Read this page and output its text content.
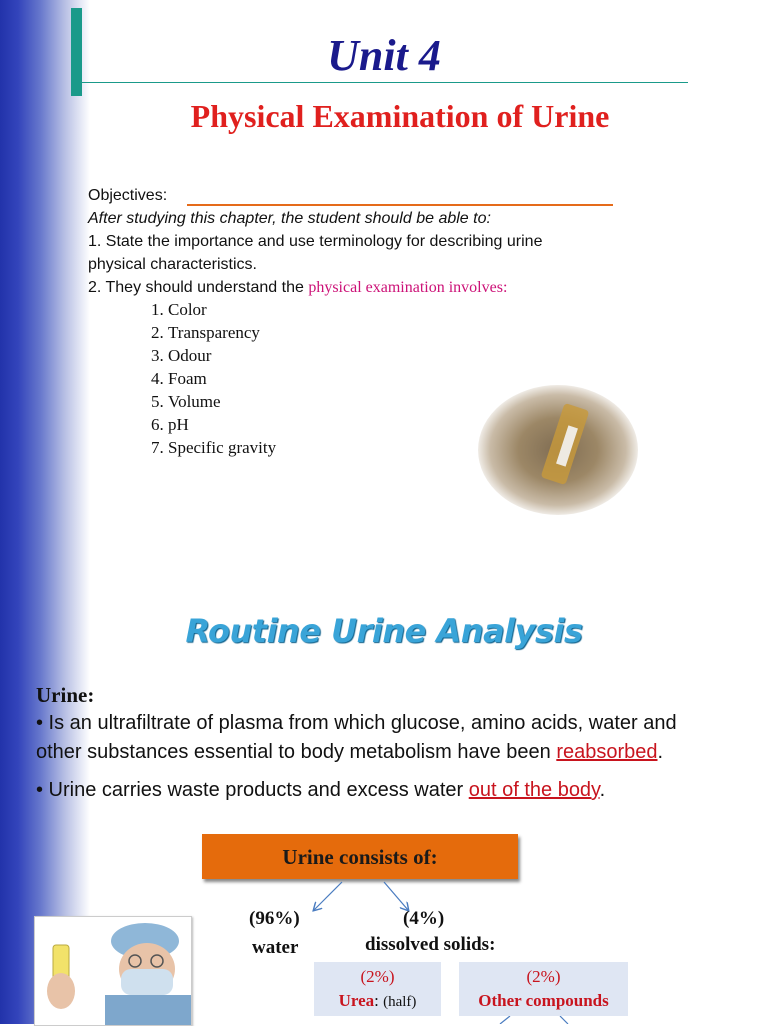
Unit 4
Physical Examination of Urine
Objectives:
After studying this chapter, the student should be able to:
1. State the importance and use terminology for describing urine
physical characteristics.
2. They should understand the physical examination involves:
1. Color
2. Transparency
3. Odour
4. Foam
5. Volume
6. pH
7. Specific gravity
Routine Urine Analysis
Urine:
• Is an ultrafiltrate of plasma from which glucose, amino acids, water and
other substances essential to body metabolism have been reabsorbed.
• Urine carries waste products and excess water out of the body.
Urine consists of:
(96%)
water
(4%)
dissolved solids:
(2%)
Urea: (half)
(2%)
Other compounds
